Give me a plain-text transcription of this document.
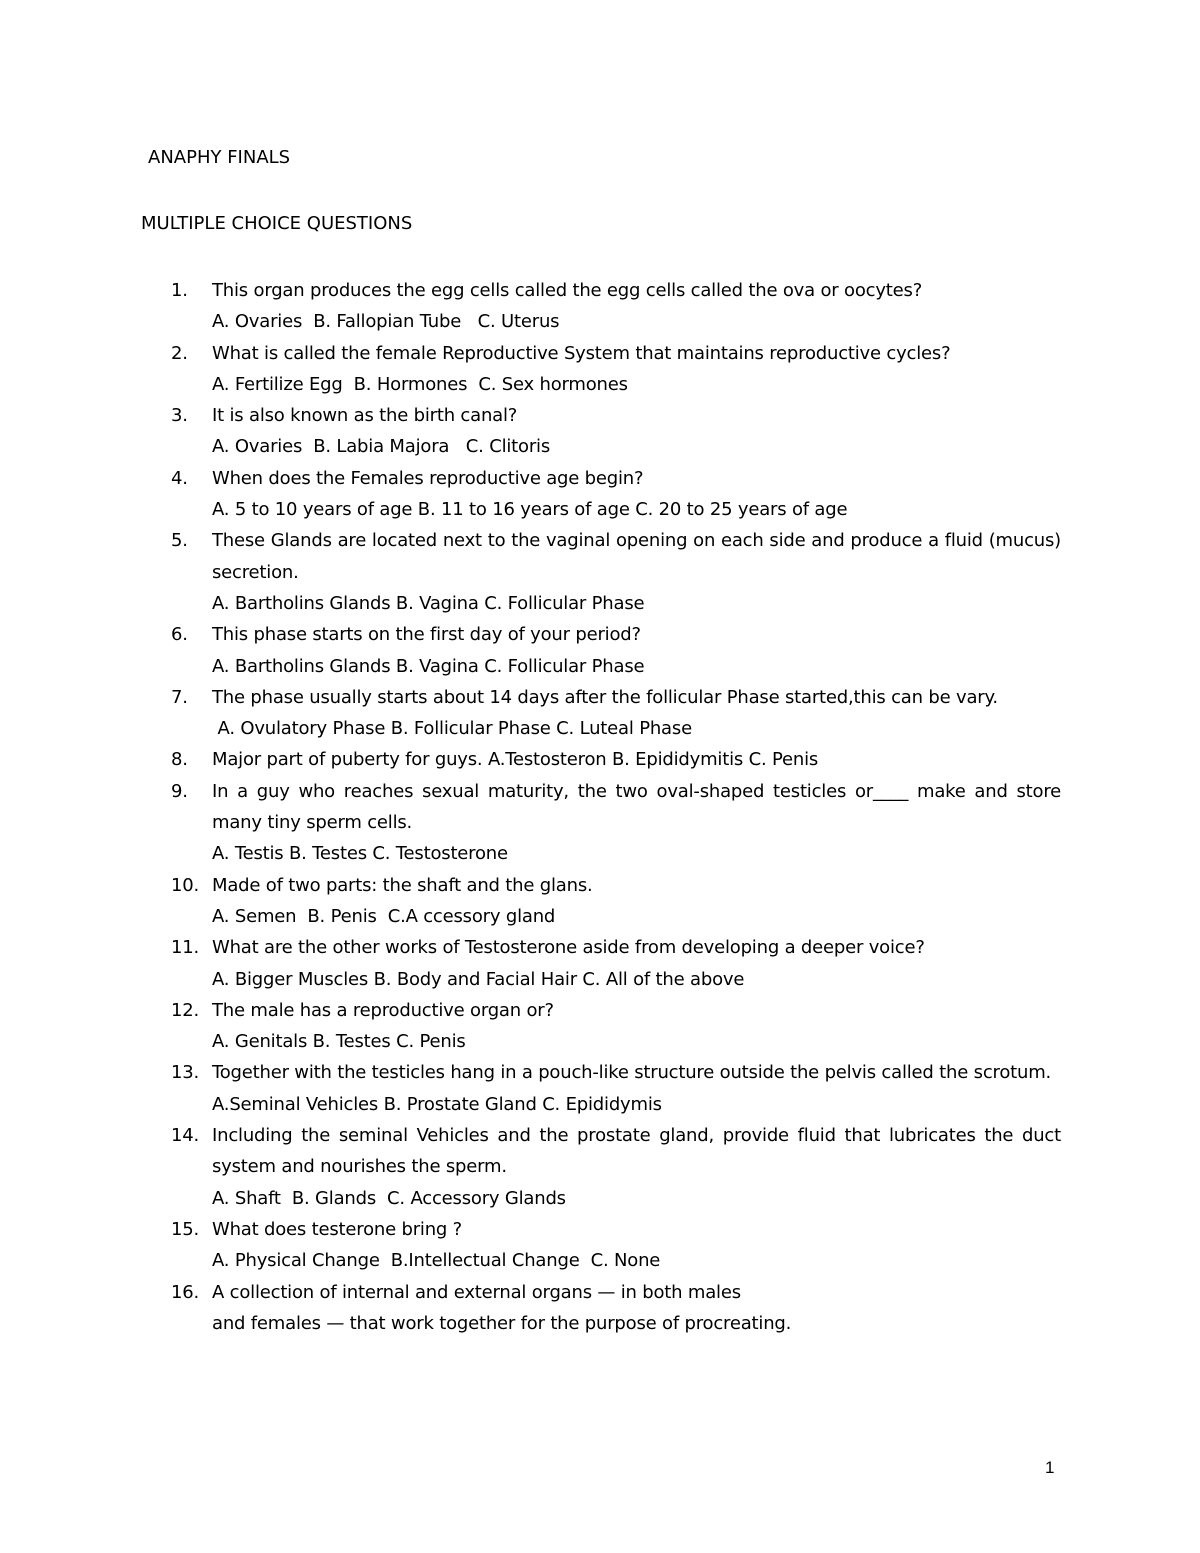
ANAPHY FINALS
MULTIPLE CHOICE QUESTIONS
1.	This organ produces the egg cells called the egg cells called the ova or oocytes?
A. Ovaries  B. Fallopian Tube   C. Uterus
2.	What is called the female Reproductive System that maintains reproductive cycles?
A. Fertilize Egg  B. Hormones  C. Sex hormones
3.	It is also known as the birth canal?
A. Ovaries  B. Labia Majora   C. Clitoris
4.	When does the Females reproductive age begin?
A. 5 to 10 years of age B. 11 to 16 years of age C. 20 to 25 years of age
5.	These Glands are located next to the vaginal opening on each side and produce a fluid (mucus) secretion.
A. Bartholins Glands B. Vagina C. Follicular Phase
6.	This phase starts on the first day of your period?
A. Bartholins Glands B. Vagina C. Follicular Phase
7.	The phase usually starts about 14 days after the follicular Phase started,this can be vary.
A. Ovulatory Phase B. Follicular Phase C. Luteal Phase
8.	Major part of puberty for guys. A.Testosteron B. Epididymitis C. Penis
9.	In a guy who reaches sexual maturity, the two oval-shaped testicles or____ make and store many tiny sperm cells.
A. Testis B. Testes C. Testosterone
10. Made of two parts: the shaft and the glans.
A. Semen  B. Penis  C.A ccessory gland
11. What are the other works of Testosterone aside from developing a deeper voice?
A. Bigger Muscles B. Body and Facial Hair C. All of the above
12. The male has a reproductive organ or?
A. Genitals B. Testes C. Penis
13. Together with the testicles hang in a pouch-like structure outside the pelvis called the scrotum.
A.Seminal Vehicles B. Prostate Gland C. Epididymis
14. Including the seminal Vehicles and the prostate gland, provide fluid that lubricates the duct system and nourishes the sperm.
A. Shaft  B. Glands  C. Accessory Glands
15. What does testerone bring ?
A. Physical Change  B.Intellectual Change  C. None
16. A collection of internal and external organs — in both males
and females — that work together for the purpose of procreating.
1
